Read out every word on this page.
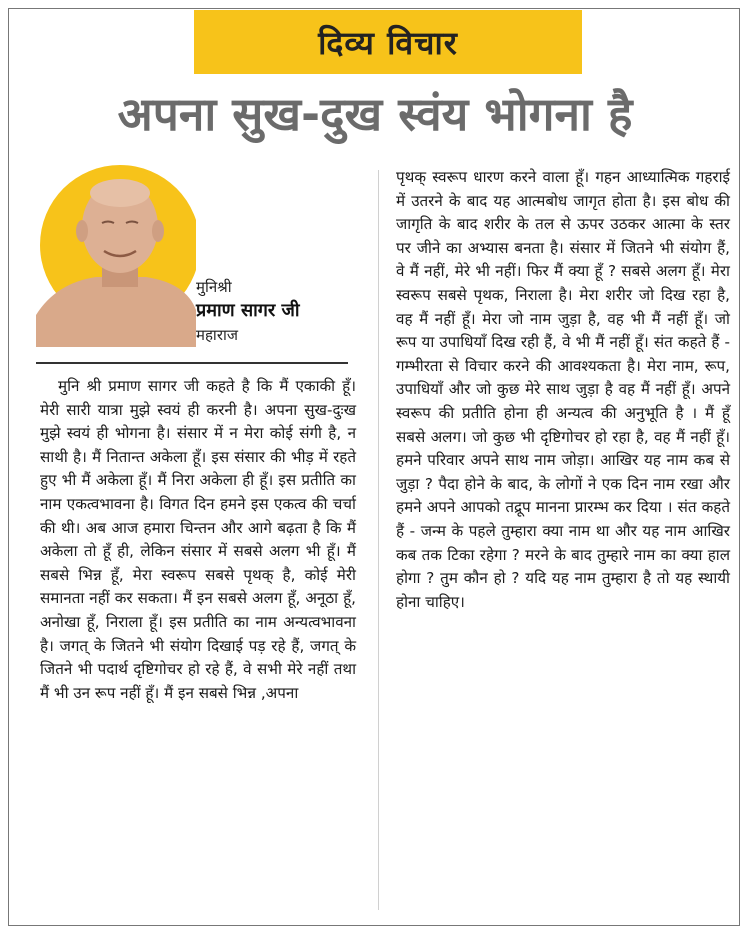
दिव्य विचार
अपना सुख-दुख स्वंय भोगना है
मुनिश्री
प्रमाण सागर जी
महाराज
मुनि श्री प्रमाण सागर जी कहते है कि मैं एकाकी हूँ। मेरी सारी यात्रा मुझे स्वयं ही करनी है। अपना सुख-दुःख मुझे स्वयं ही भोगना है। संसार में न मेरा कोई संगी है, न साथी है। मैं नितान्त अकेला हूँ। इस संसार की भीड़ में रहते हुए भी मैं अकेला हूँ। मैं निरा अकेला ही हूँ। इस प्रतीति का नाम एकत्वभावना है। विगत दिन हमने इस एकत्व की चर्चा की थी। अब आज हमारा चिन्तन और आगे बढ़ता है कि मैं अकेला तो हूँ ही, लेकिन संसार में सबसे अलग भी हूँ। मैं सबसे भिन्न हूँ, मेरा स्वरूप सबसे पृथक् है, कोई मेरी समानता नहीं कर सकता। मैं इन सबसे अलग हूँ, अनूठा हूँ, अनोखा हूँ, निराला हूँ। इस प्रतीति का नाम अन्यत्वभावना है। जगत् के जितने भी संयोग दिखाई पड़ रहे हैं, जगत् के जितने भी पदार्थ दृष्टिगोचर हो रहे हैं, वे सभी मेरे नहीं तथा मैं भी उन रूप नहीं हूँ। मैं इन सबसे भिन्न ,अपना
पृथक् स्वरूप धारण करने वाला हूँ। गहन आध्यात्मिक गहराई में उतरने के बाद यह आत्मबोध जागृत होता है। इस बोध की जागृति के बाद शरीर के तल से ऊपर उठकर आत्मा के स्तर पर जीने का अभ्यास बनता है। संसार में जितने भी संयोग हैं, वे मैं नहीं, मेरे भी नहीं। फिर मैं क्या हूँ ? सबसे अलग हूँ। मेरा स्वरूप सबसे पृथक, निराला है। मेरा शरीर जो दिख रहा है, वह मैं नहीं हूँ। मेरा जो नाम जुड़ा है, वह भी मैं नहीं हूँ। जो रूप या उपाधियाँ दिख रही हैं, वे भी मैं नहीं हूँ। संत कहते हैं - गम्भीरता से विचार करने की आवश्यकता है। मेरा नाम, रूप, उपाधियाँ और जो कुछ मेरे साथ जुड़ा है वह मैं नहीं हूँ। अपने स्वरूप की प्रतीति होना ही अन्यत्व की अनुभूति है । मैं हूँ सबसे अलग। जो कुछ भी दृष्टिगोचर हो रहा है, वह मैं नहीं हूँ। हमने परिवार अपने साथ नाम जोड़ा। आखिर यह नाम कब से जुड़ा ? पैदा होने के बाद, के लोगों ने एक दिन नाम रखा और हमने अपने आपको तद्रूप मानना प्रारम्भ कर दिया । संत कहते हैं - जन्म के पहले तुम्हारा क्या नाम था और यह नाम आखिर कब तक टिका रहेगा ? मरने के बाद तुम्हारे नाम का क्या हाल होगा ? तुम कौन हो ? यदि यह नाम तुम्हारा है तो यह स्थायी होना चाहिए।
